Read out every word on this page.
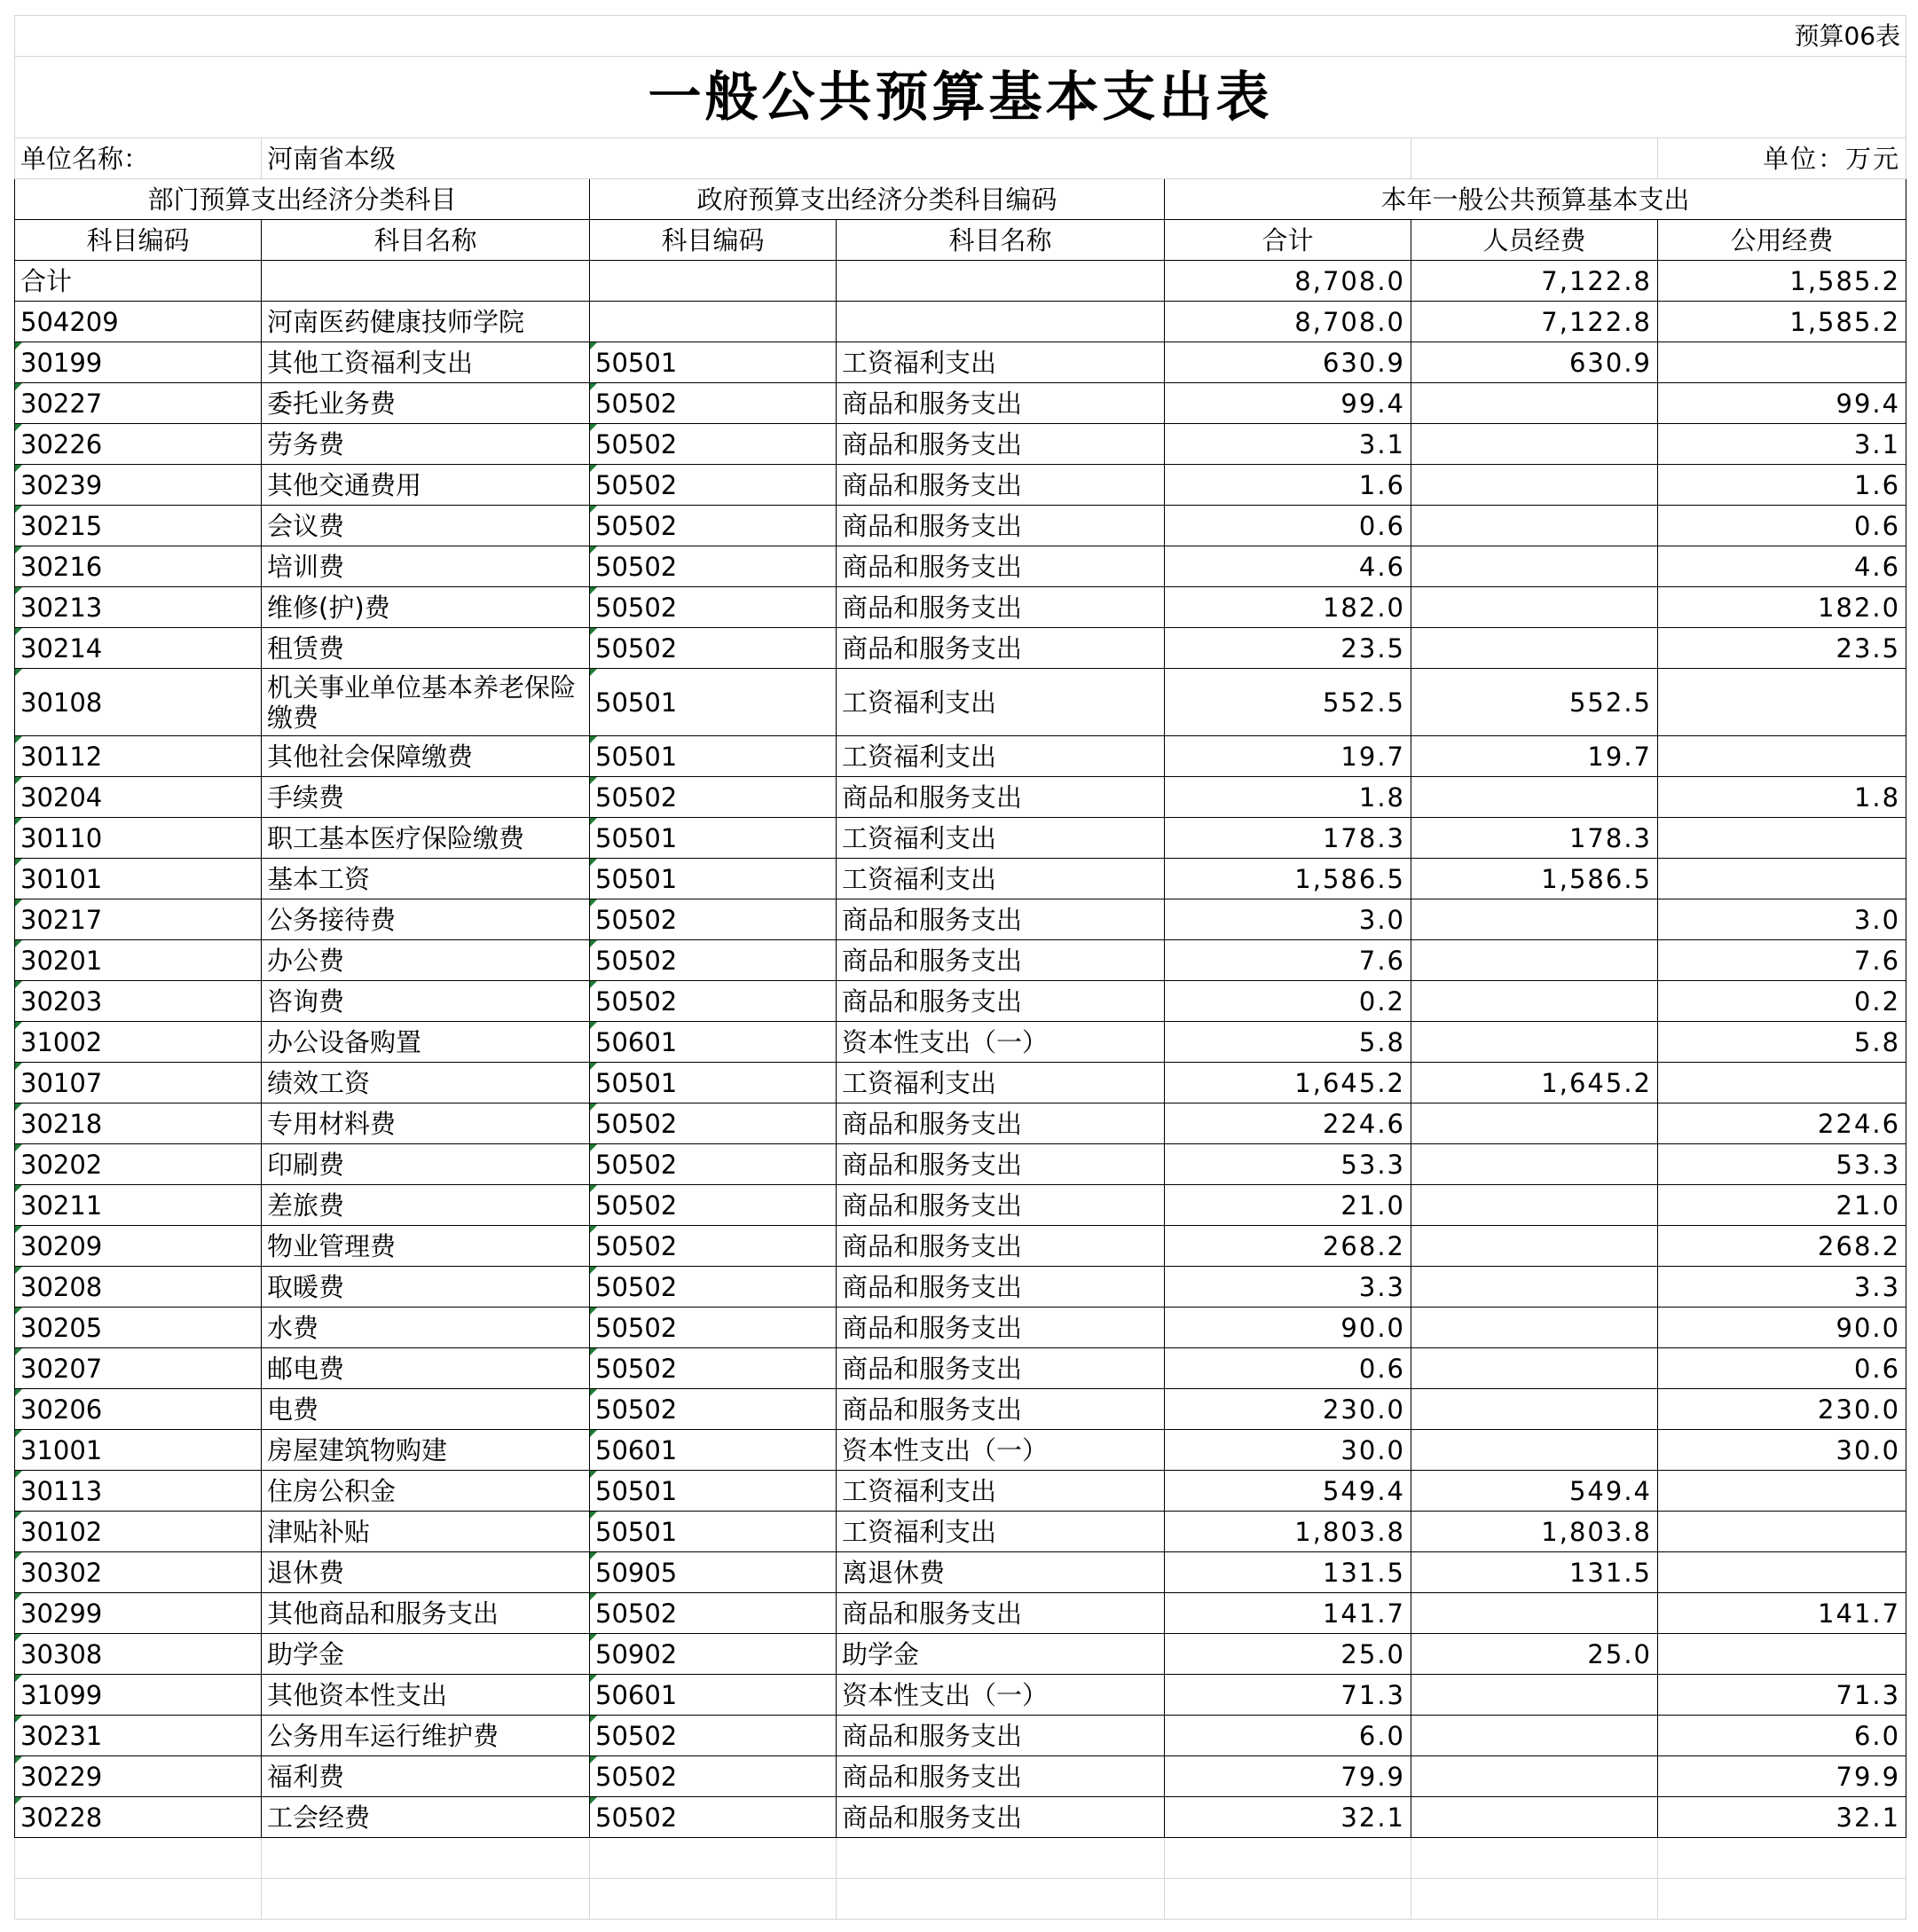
预算06表						
一般公共预算基本支出表						
单位名称：	河南省本级					单位：万元
部门预算支出经济分类科目		政府预算支出经济分类科目编码		本年一般公共预算基本支出		
科目编码	科目名称	科目编码	科目名称	合计	人员经费	公用经费
合计				8,708.0	7,122.8	1,585.2
504209	河南医药健康技师学院			8,708.0	7,122.8	1,585.2
30199	其他工资福利支出	50501	工资福利支出	630.9	630.9	
30227	委托业务费	50502	商品和服务支出	99.4		99.4
30226	劳务费	50502	商品和服务支出	3.1		3.1
30239	其他交通费用	50502	商品和服务支出	1.6		1.6
30215	会议费	50502	商品和服务支出	0.6		0.6
30216	培训费	50502	商品和服务支出	4.6		4.6
30213	维修(护)费	50502	商品和服务支出	182.0		182.0
30214	租赁费	50502	商品和服务支出	23.5		23.5
30108	机关事业单位基本养老保险缴费	50501	工资福利支出	552.5	552.5	
30112	其他社会保障缴费	50501	工资福利支出	19.7	19.7	
30204	手续费	50502	商品和服务支出	1.8		1.8
30110	职工基本医疗保险缴费	50501	工资福利支出	178.3	178.3	
30101	基本工资	50501	工资福利支出	1,586.5	1,586.5	
30217	公务接待费	50502	商品和服务支出	3.0		3.0
30201	办公费	50502	商品和服务支出	7.6		7.6
30203	咨询费	50502	商品和服务支出	0.2		0.2
31002	办公设备购置	50601	资本性支出（一）	5.8		5.8
30107	绩效工资	50501	工资福利支出	1,645.2	1,645.2	
30218	专用材料费	50502	商品和服务支出	224.6		224.6
30202	印刷费	50502	商品和服务支出	53.3		53.3
30211	差旅费	50502	商品和服务支出	21.0		21.0
30209	物业管理费	50502	商品和服务支出	268.2		268.2
30208	取暖费	50502	商品和服务支出	3.3		3.3
30205	水费	50502	商品和服务支出	90.0		90.0
30207	邮电费	50502	商品和服务支出	0.6		0.6
30206	电费	50502	商品和服务支出	230.0		230.0
31001	房屋建筑物购建	50601	资本性支出（一）	30.0		30.0
30113	住房公积金	50501	工资福利支出	549.4	549.4	
30102	津贴补贴	50501	工资福利支出	1,803.8	1,803.8	
30302	退休费	50905	离退休费	131.5	131.5	
30299	其他商品和服务支出	50502	商品和服务支出	141.7		141.7
30308	助学金	50902	助学金	25.0	25.0	
31099	其他资本性支出	50601	资本性支出（一）	71.3		71.3
30231	公务用车运行维护费	50502	商品和服务支出	6.0		6.0
30229	福利费	50502	商品和服务支出	79.9		79.9
30228	工会经费	50502	商品和服务支出	32.1		32.1
